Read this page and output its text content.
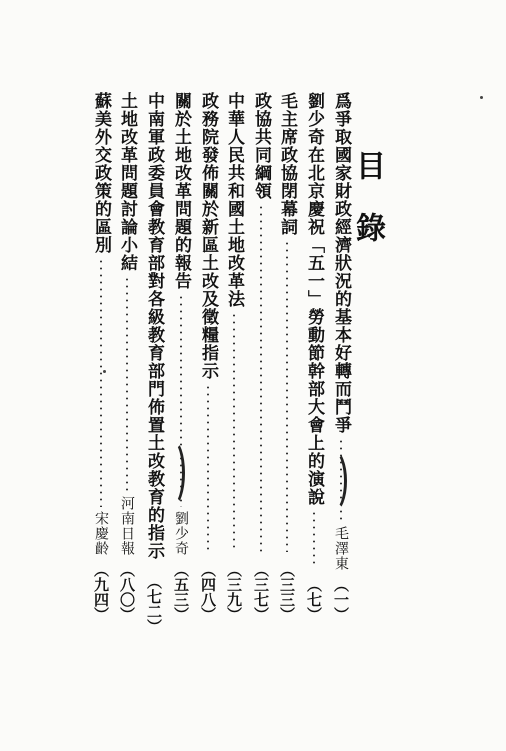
目錄
爲爭取國家財政經濟狀況的基本好轉而鬥爭
毛澤東
（一）
劉少奇在北京慶祝「五一」勞動節幹部大會上的演說
（七）
毛主席政協閉幕詞
（三三）
政協共同綱領
（三七）
中華人民共和國土地改革法
（三九）
政務院發佈關於新區土改及徵糧指示
（四八）
關於土地改革問題的報告
劉少奇
（五三）
中南軍政委員會教育部對各級教育部門佈置土改教育的指示
（七二）
土地改革問題討論小結
河南日報
（八〇）
蘇美外交政策的區別
宋慶齡
（九四）
